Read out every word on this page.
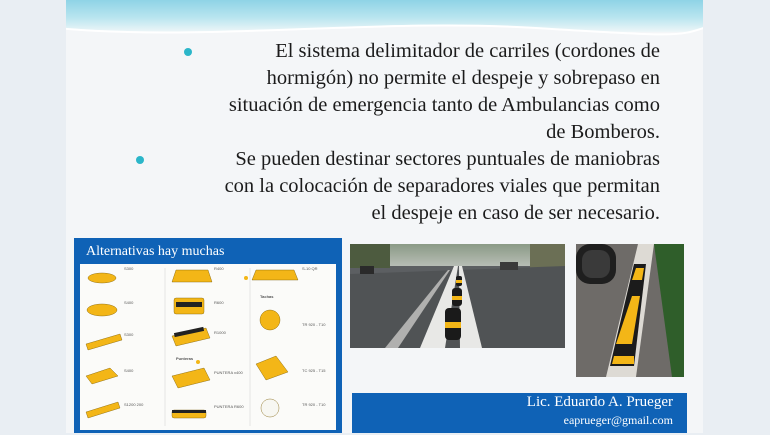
El sistema delimitador de carriles (cordones de
hormigón) no permite el despeje y sobrepaso en
situación de emergencia tanto de Ambulancias como
de Bomberos.
Se pueden destinar sectores puntuales de maniobras
con la colocación de separadores viales que permitan
el despeje en caso de ser necesario.
Alternativas hay muchas
S300
S400
S300
S400
S1200 200
R400
R600
R1000
PUNTERA x400
PUNTERA R600
S-10 QR
TR 920 - T10
TC 925 - T15
TR 920 - T10
Tachas
Punteras
Lic. Eduardo A. Prueger
eaprueger@gmail.com
